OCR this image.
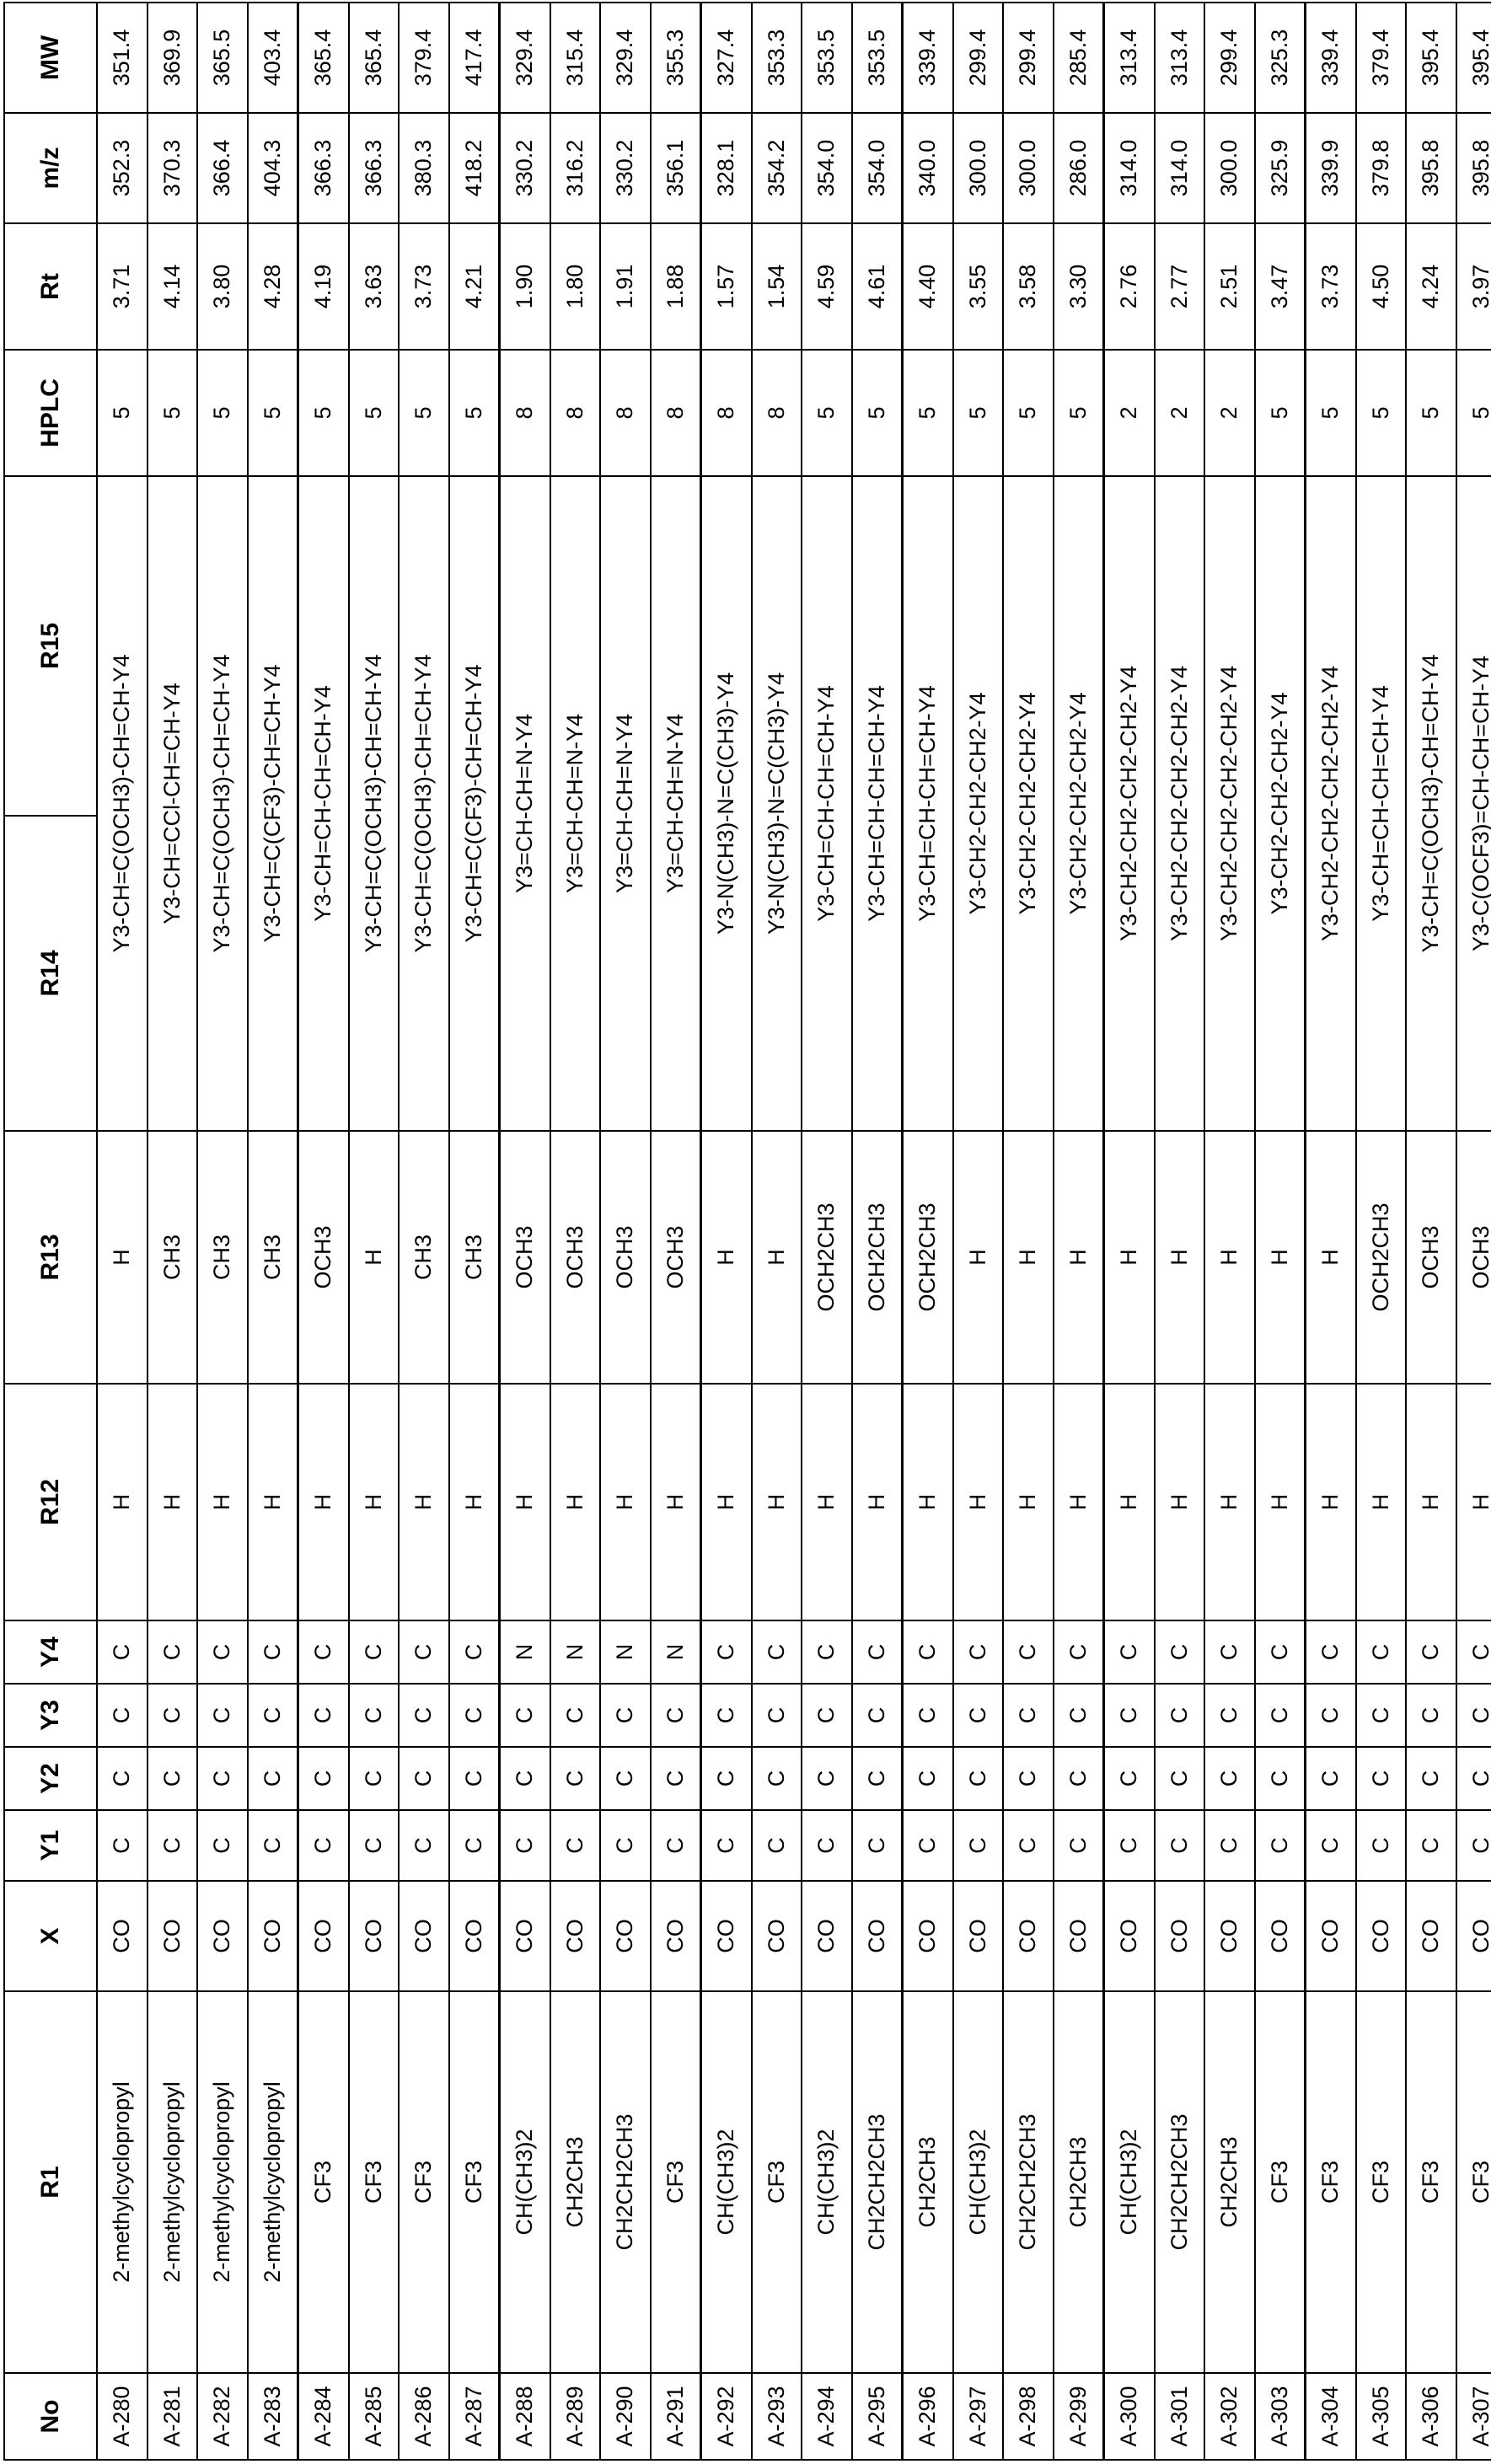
No	R1	X	Y1	Y2	Y3	Y4	R12	R13	R14	R15	HPLC	Rt	m/z	MW
A-280	2-methylcyclopropyl	CO	C	C	C	C	H	H	Y3-CH=C(OCH3)-CH=CH-Y4	5	3.71	352.3	351.4
A-281	2-methylcyclopropyl	CO	C	C	C	C	H	CH3	Y3-CH=CCl-CH=CH-Y4	5	4.14	370.3	369.9
A-282	2-methylcyclopropyl	CO	C	C	C	C	H	CH3	Y3-CH=C(OCH3)-CH=CH-Y4	5	3.80	366.4	365.5
A-283	2-methylcyclopropyl	CO	C	C	C	C	H	CH3	Y3-CH=C(CF3)-CH=CH-Y4	5	4.28	404.3	403.4
A-284	CF3	CO	C	C	C	C	H	OCH3	Y3-CH=CH-CH=CH-Y4	5	4.19	366.3	365.4
A-285	CF3	CO	C	C	C	C	H	H	Y3-CH=C(OCH3)-CH=CH-Y4	5	3.63	366.3	365.4
A-286	CF3	CO	C	C	C	C	H	CH3	Y3-CH=C(OCH3)-CH=CH-Y4	5	3.73	380.3	379.4
A-287	CF3	CO	C	C	C	C	H	CH3	Y3-CH=C(CF3)-CH=CH-Y4	5	4.21	418.2	417.4
A-288	CH(CH3)2	CO	C	C	C	N	H	OCH3	Y3=CH-CH=N-Y4	8	1.90	330.2	329.4
A-289	CH2CH3	CO	C	C	C	N	H	OCH3	Y3=CH-CH=N-Y4	8	1.80	316.2	315.4
A-290	CH2CH2CH3	CO	C	C	C	N	H	OCH3	Y3=CH-CH=N-Y4	8	1.91	330.2	329.4
A-291	CF3	CO	C	C	C	N	H	OCH3	Y3=CH-CH=N-Y4	8	1.88	356.1	355.3
A-292	CH(CH3)2	CO	C	C	C	C	H	H	Y3-N(CH3)-N=C(CH3)-Y4	8	1.57	328.1	327.4
A-293	CF3	CO	C	C	C	C	H	H	Y3-N(CH3)-N=C(CH3)-Y4	8	1.54	354.2	353.3
A-294	CH(CH3)2	CO	C	C	C	C	H	OCH2CH3	Y3-CH=CH-CH=CH-Y4	5	4.59	354.0	353.5
A-295	CH2CH2CH3	CO	C	C	C	C	H	OCH2CH3	Y3-CH=CH-CH=CH-Y4	5	4.61	354.0	353.5
A-296	CH2CH3	CO	C	C	C	C	H	OCH2CH3	Y3-CH=CH-CH=CH-Y4	5	4.40	340.0	339.4
A-297	CH(CH3)2	CO	C	C	C	C	H	H	Y3-CH2-CH2-CH2-Y4	5	3.55	300.0	299.4
A-298	CH2CH2CH3	CO	C	C	C	C	H	H	Y3-CH2-CH2-CH2-Y4	5	3.58	300.0	299.4
A-299	CH2CH3	CO	C	C	C	C	H	H	Y3-CH2-CH2-CH2-Y4	5	3.30	286.0	285.4
A-300	CH(CH3)2	CO	C	C	C	C	H	H	Y3-CH2-CH2-CH2-CH2-Y4	2	2.76	314.0	313.4
A-301	CH2CH2CH3	CO	C	C	C	C	H	H	Y3-CH2-CH2-CH2-CH2-Y4	2	2.77	314.0	313.4
A-302	CH2CH3	CO	C	C	C	C	H	H	Y3-CH2-CH2-CH2-CH2-Y4	2	2.51	300.0	299.4
A-303	CF3	CO	C	C	C	C	H	H	Y3-CH2-CH2-CH2-Y4	5	3.47	325.9	325.3
A-304	CF3	CO	C	C	C	C	H	H	Y3-CH2-CH2-CH2-CH2-Y4	5	3.73	339.9	339.4
A-305	CF3	CO	C	C	C	C	H	OCH2CH3	Y3-CH=CH-CH=CH-Y4	5	4.50	379.8	379.4
A-306	CF3	CO	C	C	C	C	H	OCH3	Y3-CH=C(OCH3)-CH=CH-Y4	5	4.24	395.8	395.4
A-307	CF3	CO	C	C	C	C	H	OCH3	Y3-C(OCF3)=CH-CH=CH-Y4	5	3.97	395.8	395.4
